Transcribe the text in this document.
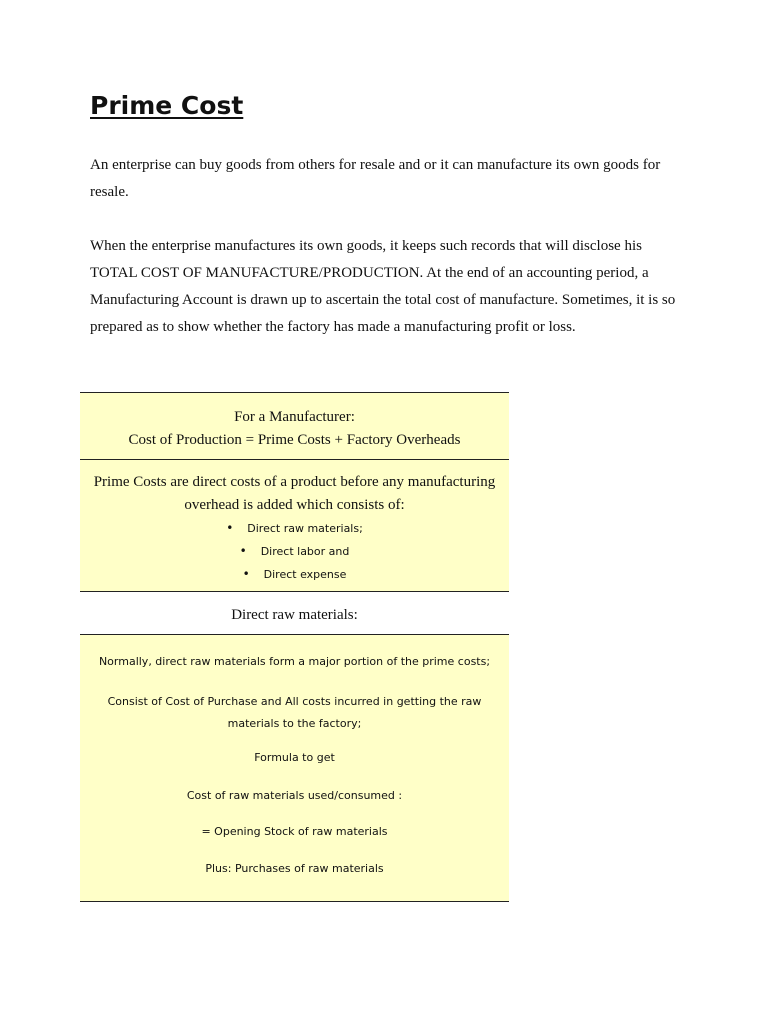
Prime Cost

An enterprise can buy goods from others for resale and or it can manufacture its own goods for resale.

When the enterprise manufactures its own goods, it keeps such records that will disclose his TOTAL COST OF MANUFACTURE/PRODUCTION. At the end of an accounting period, a Manufacturing Account is drawn up to ascertain the total cost of manufacture. Sometimes, it is so prepared as to show whether the factory has made a manufacturing profit or loss.

For a Manufacturer:
Cost of Production = Prime Costs + Factory Overheads
Prime Costs are direct costs of a product before any manufacturing overhead is added which consists of:
• Direct raw materials;
• Direct labor and
• Direct expense
Direct raw materials:

Normally, direct raw materials form a major portion of the prime costs;

Consist of Cost of Purchase and All costs incurred in getting the raw materials to the factory;

Formula to get

Cost of raw materials used/consumed :

= Opening Stock of raw materials

Plus: Purchases of raw materials
